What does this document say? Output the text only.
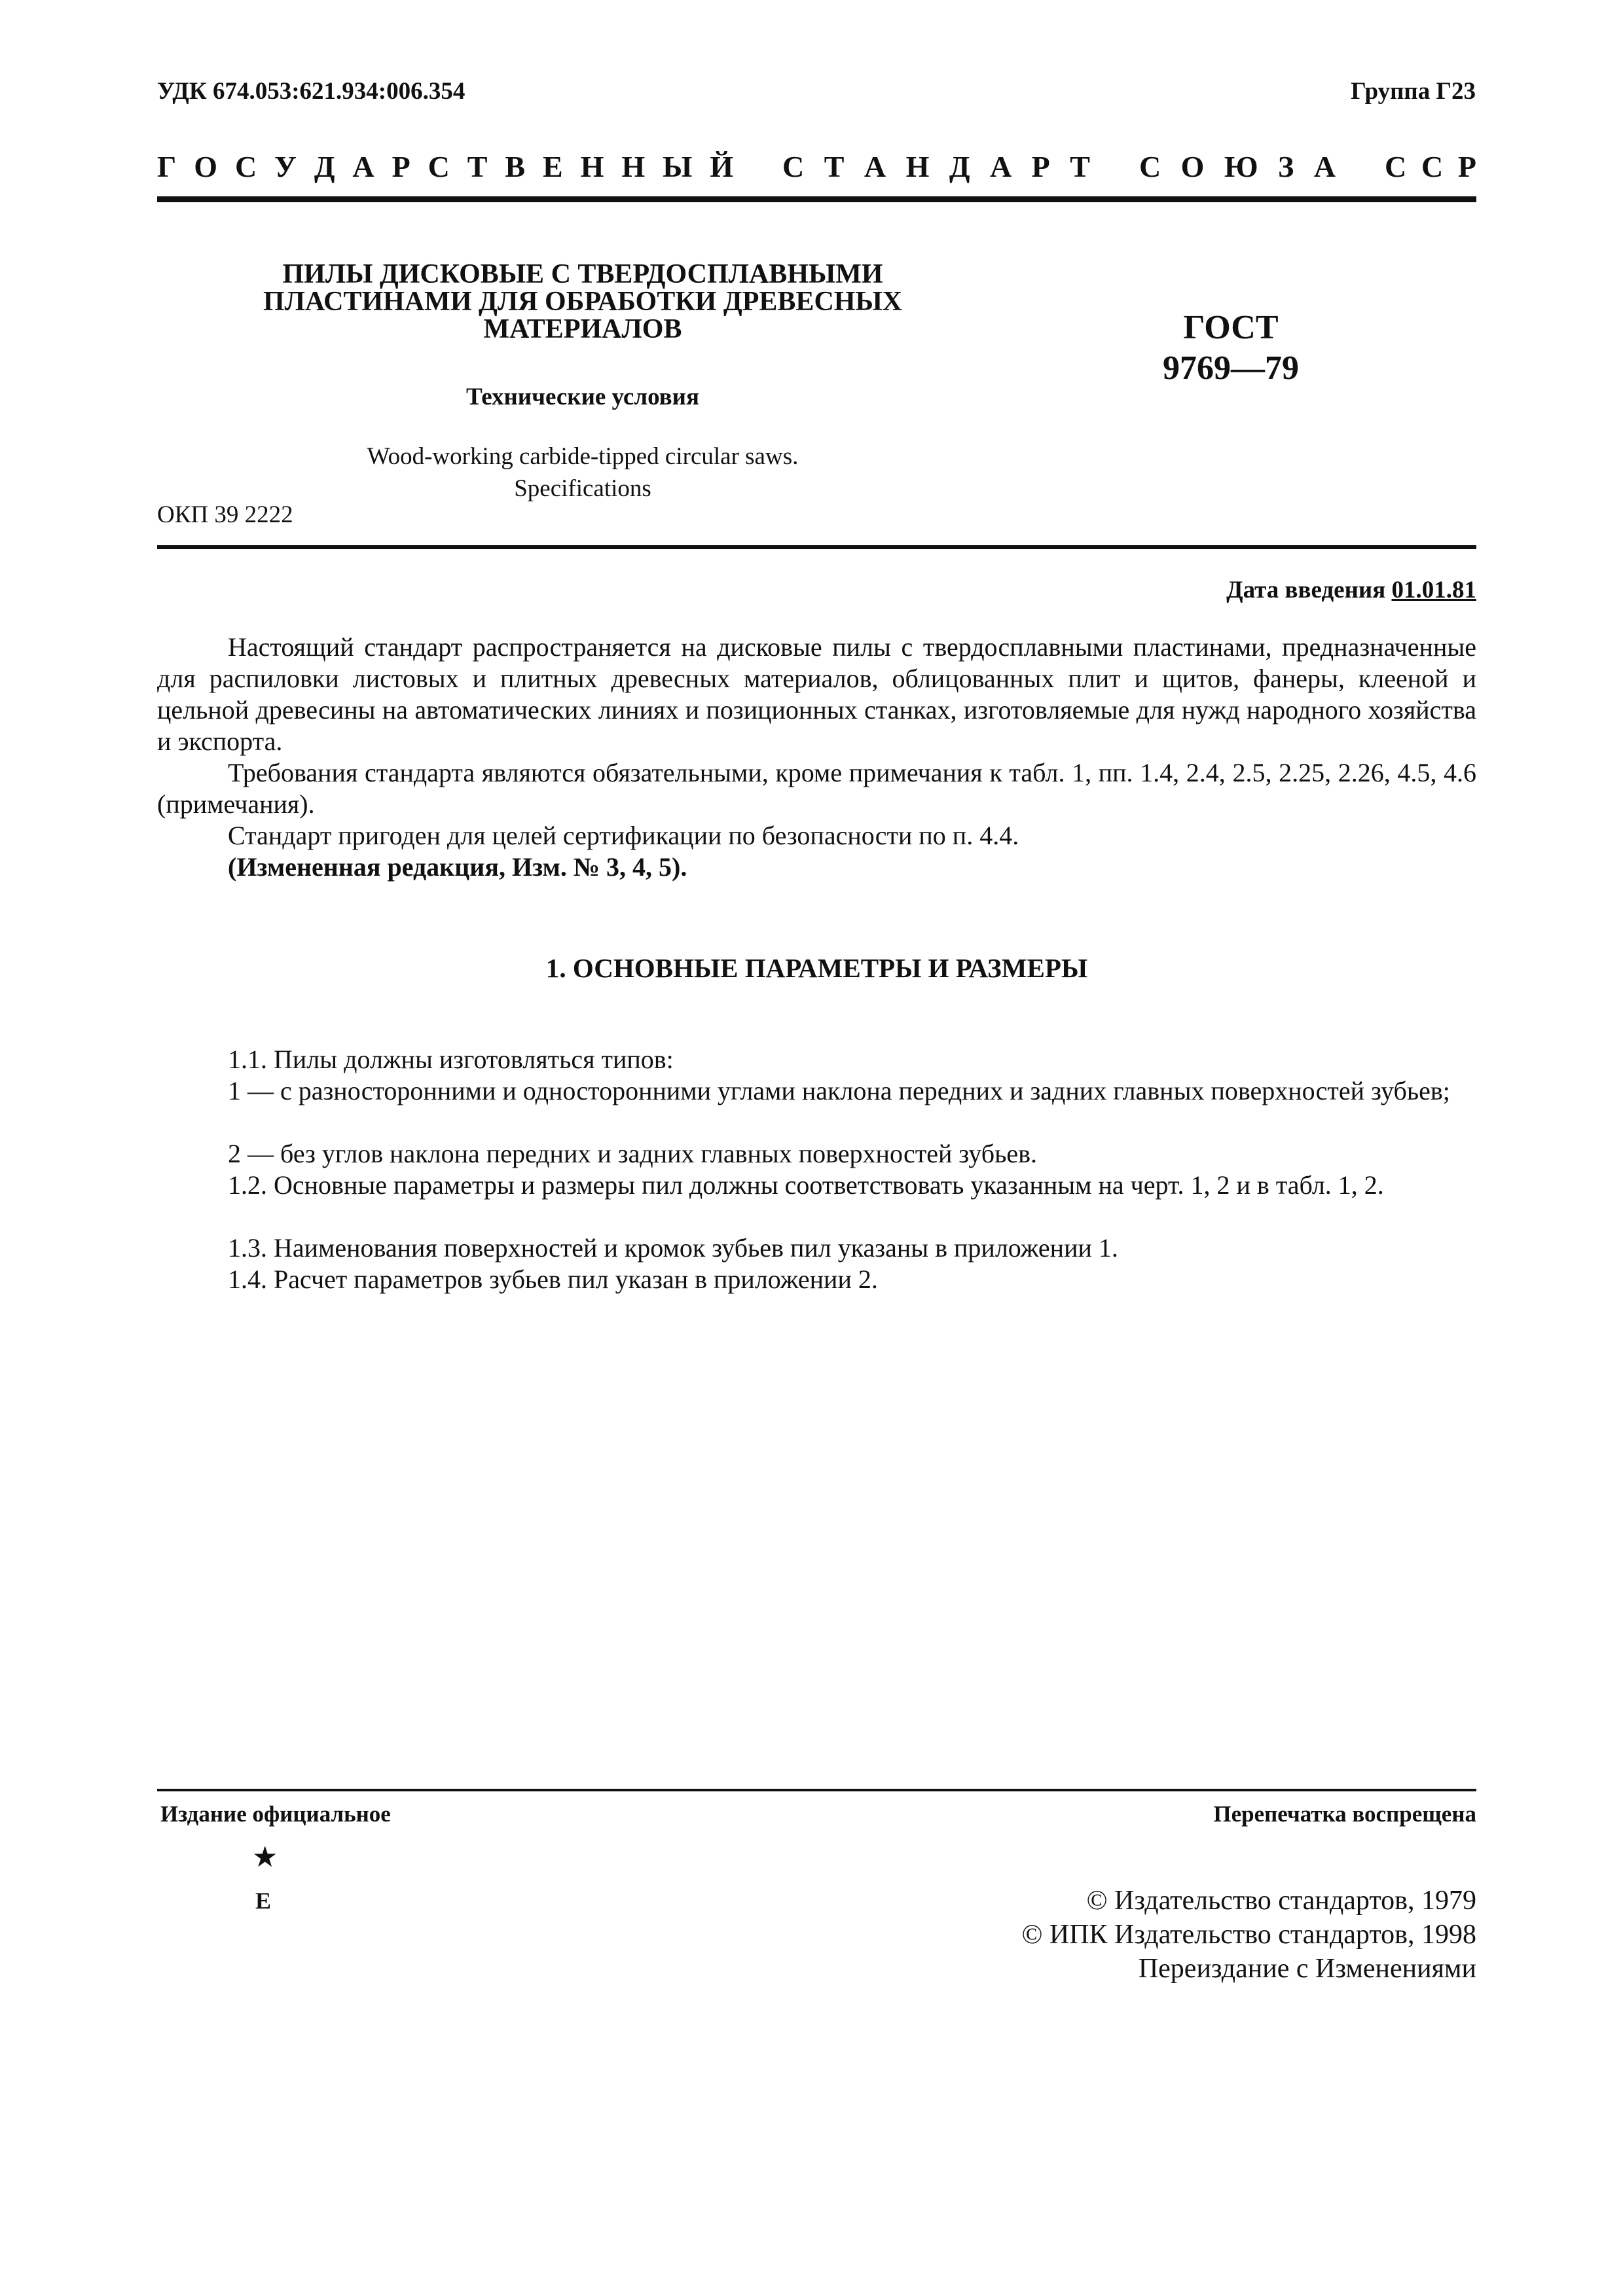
УДК 674.053:621.934:006.354	Группа Г23
Г О С У Д А Р С Т В Е Н Н Ы Й С Т А Н Д А Р Т С О Ю З А С С Р
ПИЛЫ ДИСКОВЫЕ С ТВЕРДОСПЛАВНЫМИ
ПЛАСТИНАМИ ДЛЯ ОБРАБОТКИ ДРЕВЕСНЫХ
МАТЕРИАЛОВ
Технические условия
Wood-working carbide-tipped circular saws.
Specifications
ГОСТ
9769—79
ОКП 39 2222
Дата введения 01.01.81
Настоящий стандарт распространяется на дисковые пилы с твердосплавными пластинами, предназначенные для распиловки листовых и плитных древесных материалов, облицованных плит и щитов, фанеры, клееной и цельной древесины на автоматических линиях и позиционных станках, изготовляемые для нужд народного хозяйства и экспорта.
Требования стандарта являются обязательными, кроме примечания к табл. 1, пп. 1.4, 2.4, 2.5, 2.25, 2.26, 4.5, 4.6 (примечания).
Стандарт пригоден для целей сертификации по безопасности по п. 4.4.
(Измененная редакция, Изм. № 3, 4, 5).
1. ОСНОВНЫЕ ПАРАМЕТРЫ И РАЗМЕРЫ
1.1. Пилы должны изготовляться типов:
1 — с разносторонними и односторонними углами наклона передних и задних главных поверхностей зубьев;
2 — без углов наклона передних и задних главных поверхностей зубьев.
1.2. Основные параметры и размеры пил должны соответствовать указанным на черт. 1, 2 и в табл. 1, 2.
1.3. Наименования поверхностей и кромок зубьев пил указаны в приложении 1.
1.4. Расчет параметров зубьев пил указан в приложении 2.
Издание официальное	Перепечатка воспрещена
★
Е	© Издательство стандартов, 1979
© ИПК Издательство стандартов, 1998
Переиздание с Изменениями
